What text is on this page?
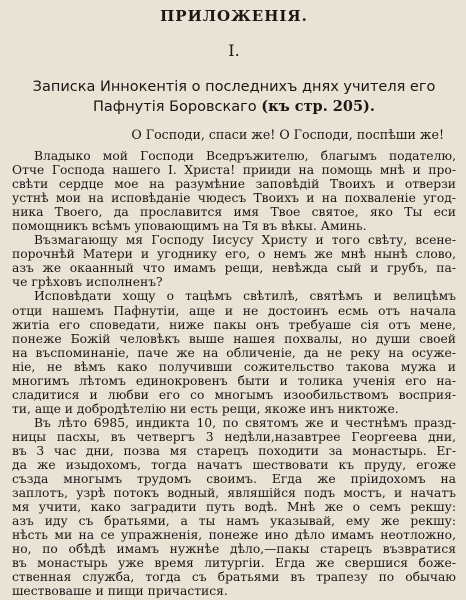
ПРИЛОЖЕНІЯ.
I.
Записка Иннокентія о последнихъ днях учителя его
Пафнутія Боровскаго (къ стр. 205).
О Господи, спаси же! О Господи, поспѣши же!
Владыко мой Господи Вседръжителю, благымъ подателю,
Отче Господа нашего І. Христа! прииди на помощь мнѣ и про-
свѣти сердце мое на разумѣние заповѣдій Твоихъ и отверзи
устнѣ мои на исповѣданіе чюдесъ Твоихъ и на похваленіе угод-
ника Твоего, да прославится имя Твое святое, яко Ты еси
помощникъ всѣмъ уповающимъ на Тя въ вѣкы. Аминь.
Възмагающу мя Господу Іисусу Христу и того свѣту, всене-
порочнѣй Матери и угоднику его, о немъ же мнѣ нынѣ слово,
азъ же окаанный что имамъ рещи, невѣжда сый и грубъ, па-
че грѣховъ исполненъ?
Исповѣдати хощу о тацѣмъ свѣтилѣ, святѣмъ и велицѣмъ
отци нашемъ Пафнутіи, аще и не достоинъ есмь отъ начала
житіа его споведати, ниже пакы онъ требуаше сія отъ мене,
понеже Божій человѣкъ выше нашея похвалы, но души своей
на въспоминаніе, паче же на обличеніе, да не реку на осуже-
ніе, не вѣмъ како получивши сожительство такова мужа и
многимъ лѣтомъ единокровенъ быти и толика ученія его на-
сладитися и любви его со многымъ изообильствомъ восприя-
ти, аще и добродѣтелію ни есть рещи, якоже инъ никтоже.
Въ лѣто 6985, индикта 10, по святомъ же и честнѣмъ празд-
ницы пасхы, въ четвергъ 3 недѣли,назавтрее Георгеева дни,
въ 3 час дни, позва мя старецъ походити за монастырь. Ег-
да же изыдохомъ, тогда начатъ шествовати къ пруду, егоже
създа многымъ трудомъ своимъ. Егда же прiидохомъ на
заплотъ, узрѣ потокъ водный, являшійся подъ мостъ, и начатъ
мя учити, како заградити путь водѣ. Мнѣ же о семъ рекшу:
азъ иду съ братьями, а ты намъ указывай, ему же рекшу:
нѣсть ми на се упражненія, понеже ино дѣло имамъ неотложно,
но, по обѣдѣ имамъ нужнѣе дѣло,—пакы старецъ възвратися
въ монастырь уже время литургіи. Егда же свершися боже-
ственная служба, тогда съ братьями въ трапезу по обычаю
шествоваше и пищи причастися.
